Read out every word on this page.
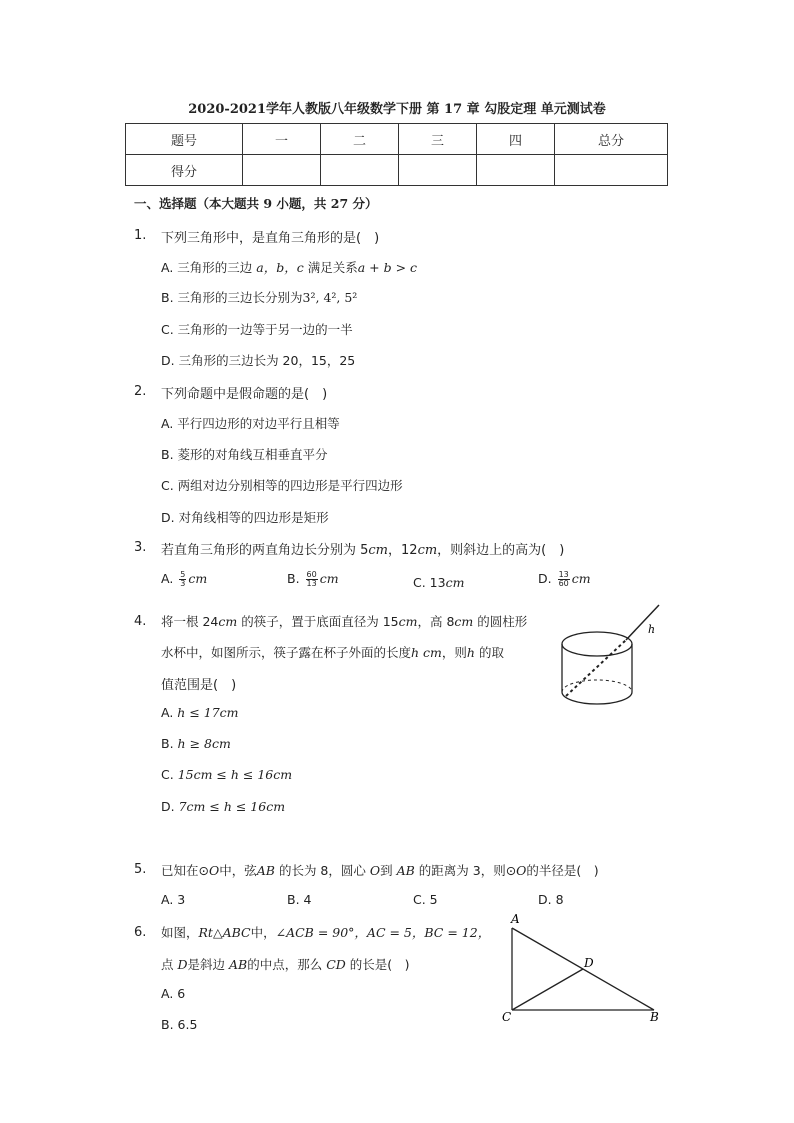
2020-2021学年人教版八年级数学下册 第 17 章 勾股定理 单元测试卷
题号	一	二	三	四	总分
得分					
一、选择题（本大题共 9 小题，共 27 分）
1. 下列三角形中，是直角三角形的是(　)
A. 三角形的三边 a，b，c 满足关系a + b > c
B. 三角形的三边长分别为3², 4², 5²
C. 三角形的一边等于另一边的一半
D. 三角形的三边长为 20，15，25
2. 下列命题中是假命题的是(　)
A. 平行四边形的对边平行且相等
B. 菱形的对角线互相垂直平分
C. 两组对边分别相等的四边形是平行四边形
D. 对角线相等的四边形是矩形
3. 若直角三角形的两直角边长分别为 5cm，12cm，则斜边上的高为(　)
A. $\frac{5}{3}$ cm	B. $\frac{60}{13}$ cm	C. 13cm	D. $\frac{13}{60}$ cm
4. 将一根 24cm 的筷子，置于底面直径为 15cm，高 8cm 的圆柱形
水杯中，如图所示，筷子露在杯子外面的长度h cm，则h 的取
值范围是(　)
A. h ≤ 17cm
B. h ≥ 8cm
C. 15cm ≤ h ≤ 16cm
D. 7cm ≤ h ≤ 16cm
h
5. 已知在⊙O中，弦AB 的长为 8，圆心 O到 AB 的距离为 3，则⊙O的半径是(　)
A. 3	B. 4	C. 5	D. 8
6. 如图，Rt△ABC中，∠ACB = 90°，AC = 5，BC = 12，
点 D是斜边 AB的中点，那么 CD 的长是(　)
A. 6
B. 6.5
A
C	B
D
